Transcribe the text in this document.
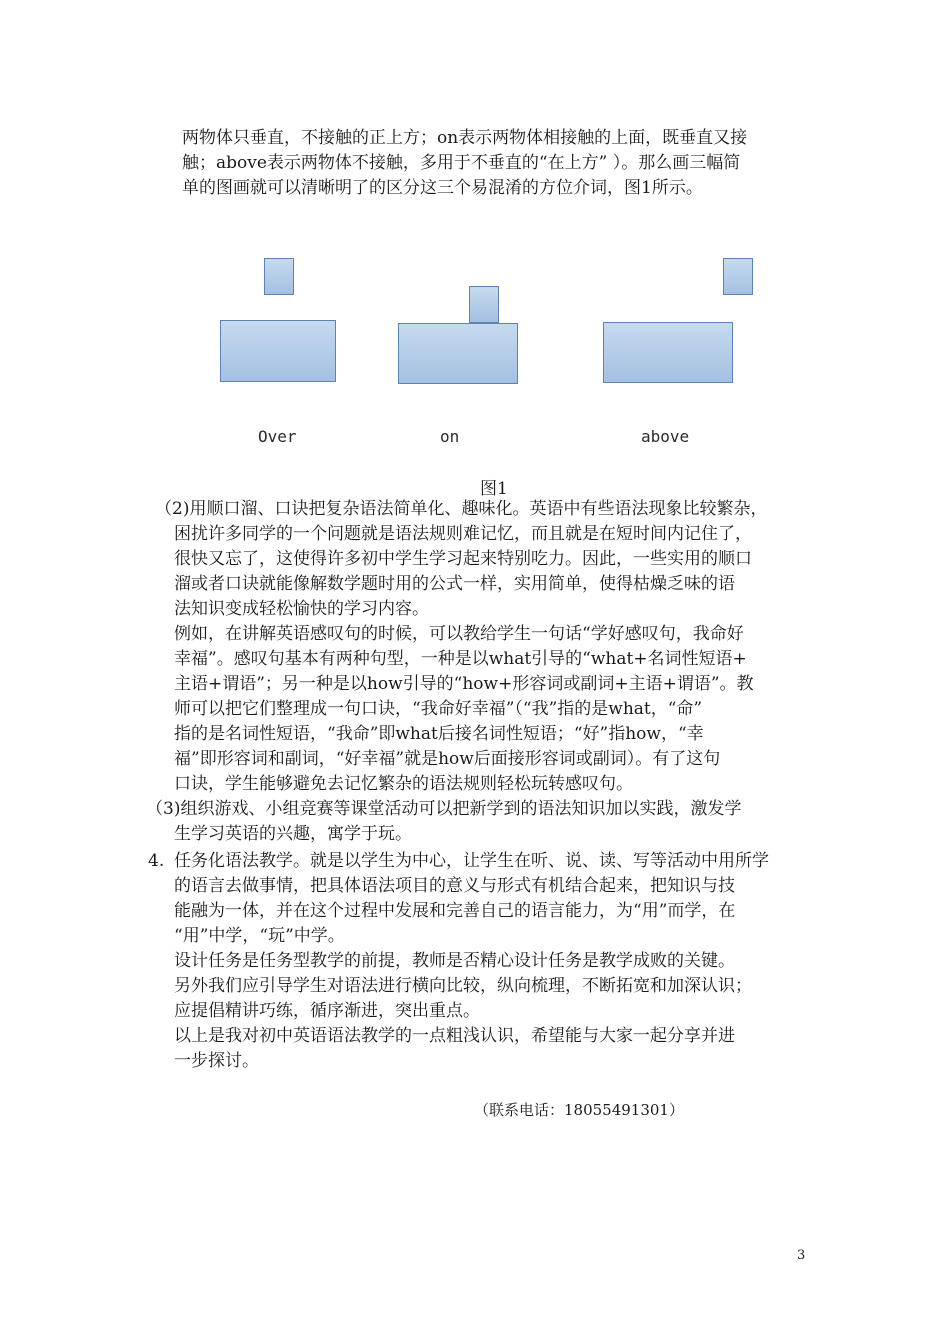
两物体只垂直，不接触的正上方；on表示两物体相接触的上面，既垂直又接
触；above表示两物体不接触，多用于不垂直的“在上方” ）。那么画三幅简
单的图画就可以清晰明了的区分这三个易混淆的方位介词，图1所示。
Over	on	above
图1
（2)用顺口溜、口诀把复杂语法简单化、趣味化。英语中有些语法现象比较繁杂，
困扰许多同学的一个问题就是语法规则难记忆，而且就是在短时间内记住了，
很快又忘了，这使得许多初中学生学习起来特别吃力。因此，一些实用的顺口
溜或者口诀就能像解数学题时用的公式一样，实用简单，使得枯燥乏味的语
法知识变成轻松愉快的学习内容。
例如，在讲解英语感叹句的时候，可以教给学生一句话“学好感叹句，我命好
幸福”。感叹句基本有两种句型，一种是以what引导的“what+名词性短语+
主语+谓语”；另一种是以how引导的“how+形容词或副词+主语+谓语”。教
师可以把它们整理成一句口诀，“我命好幸福”（“我”指的是what，“命”
指的是名词性短语，“我命”即what后接名词性短语；“好”指how，“幸
福”即形容词和副词，“好幸福”就是how后面接形容词或副词）。有了这句
口诀，学生能够避免去记忆繁杂的语法规则轻松玩转感叹句。
（3)组织游戏、小组竞赛等课堂活动可以把新学到的语法知识加以实践，激发学
生学习英语的兴趣，寓学于玩。
4. 任务化语法教学。就是以学生为中心，让学生在听、说、读、写等活动中用所学
的语言去做事情，把具体语法项目的意义与形式有机结合起来，把知识与技
能融为一体，并在这个过程中发展和完善自己的语言能力，为“用”而学，在
“用”中学，“玩”中学。
设计任务是任务型教学的前提，教师是否精心设计任务是教学成败的关键。
另外我们应引导学生对语法进行横向比较，纵向梳理，不断拓宽和加深认识；
应提倡精讲巧练，循序渐进，突出重点。
以上是我对初中英语语法教学的一点粗浅认识，希望能与大家一起分享并进
一步探讨。
（联系电话：18055491301）
3
